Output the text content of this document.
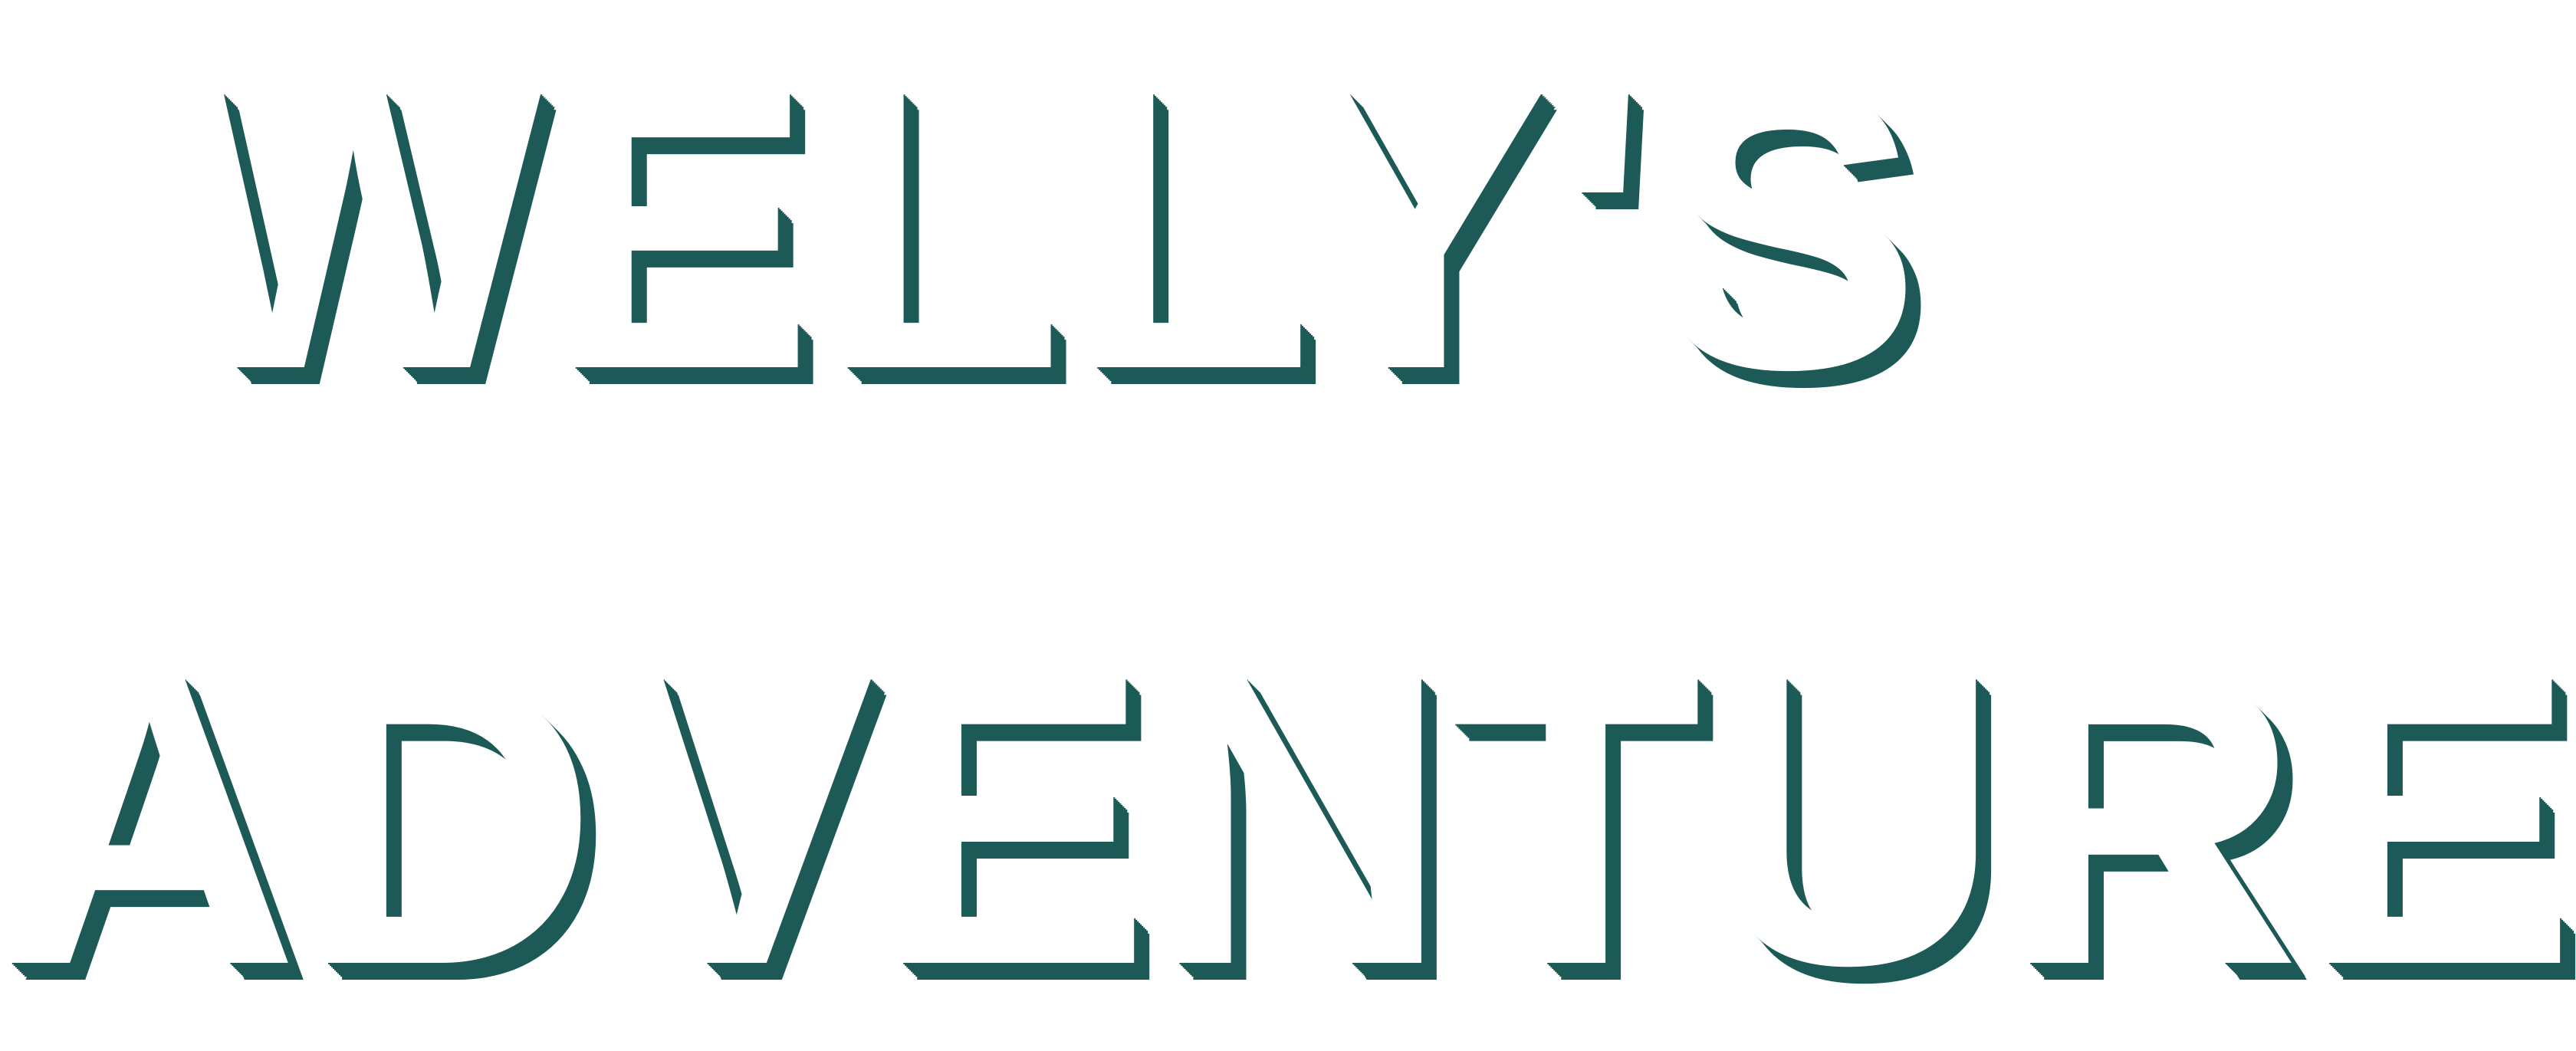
WELLY'S
ADVENTURE
